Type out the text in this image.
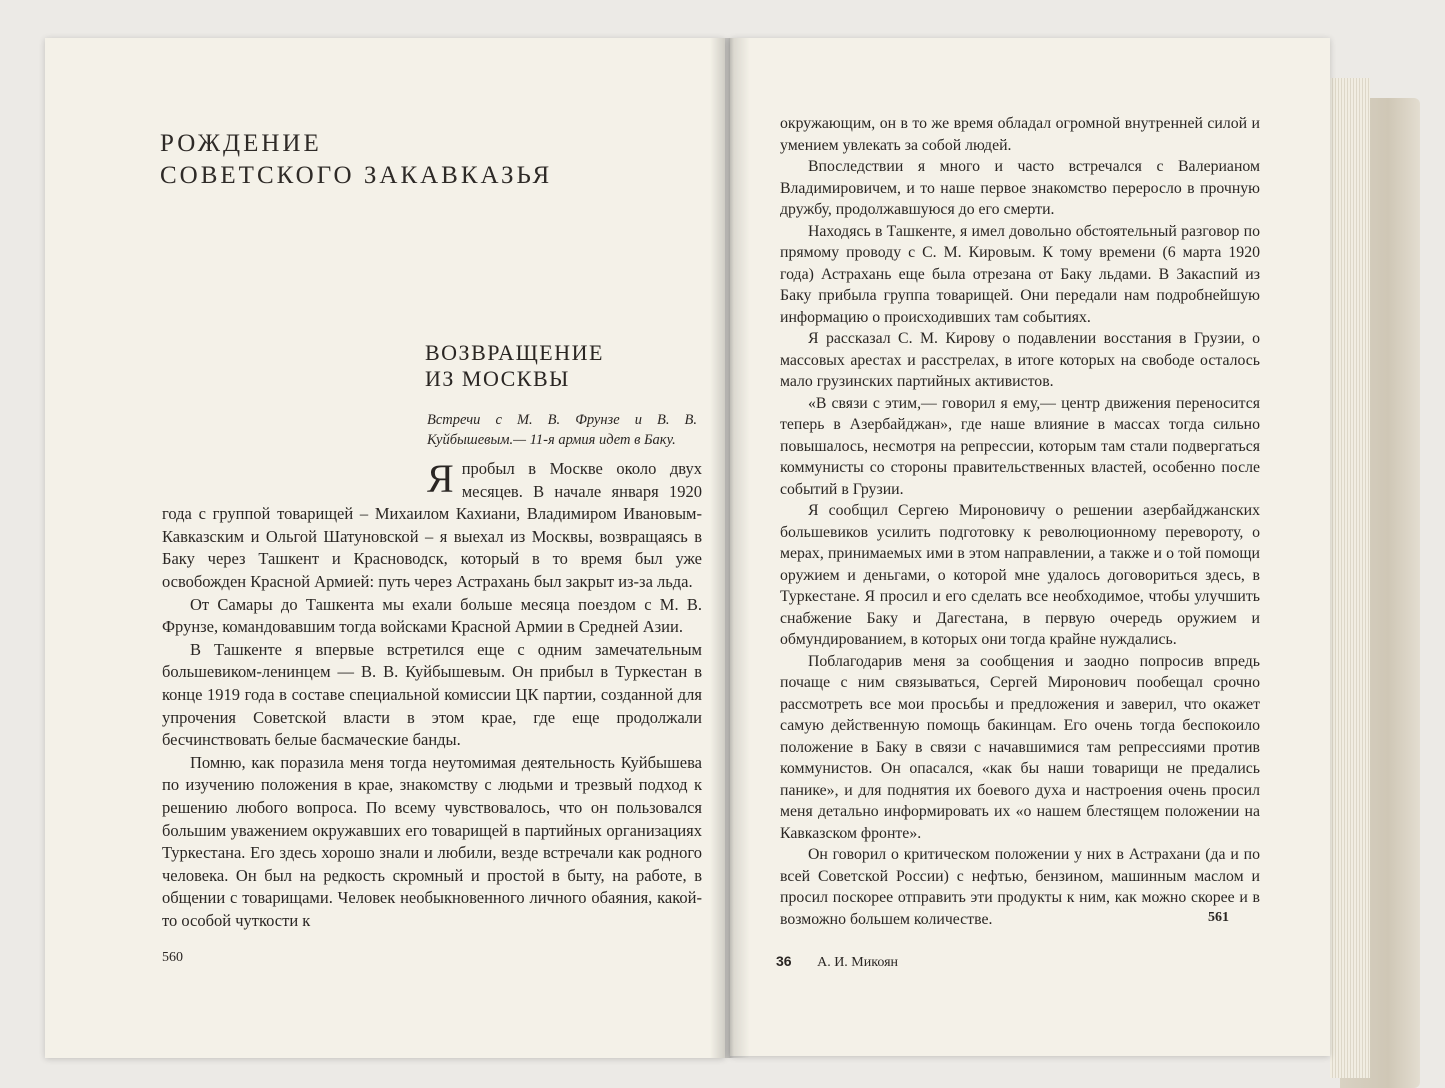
РОЖДЕНИЕ
СОВЕТСКОГО ЗАКАВКАЗЬЯ
ВОЗВРАЩЕНИЕ
ИЗ МОСКВЫ
Встречи с М. В. Фрунзе и В. В. Куйбышевым.— 11-я армия идет в Баку.
Я пробыл в Москве около двух месяцев. В начале января 1920 года с группой товарищей – Михаилом Кахиани, Владимиром Ивановым-Кавказским и Ольгой Шатуновской – я выехал из Москвы, возвращаясь в Баку через Ташкент и Красноводск, который в то время был уже освобожден Красной Армией: путь через Астрахань был закрыт из-за льда.

От Самары до Ташкента мы ехали больше месяца поездом с М. В. Фрунзе, командовавшим тогда войсками Красной Армии в Средней Азии.

В Ташкенте я впервые встретился еще с одним замечательным большевиком-ленинцем — В. В. Куйбышевым. Он прибыл в Туркестан в конце 1919 года в составе специальной комиссии ЦК партии, созданной для упрочения Советской власти в этом крае, где еще продолжали бесчинствовать белые басмаческие банды.

Помню, как поразила меня тогда неутомимая деятельность Куйбышева по изучению положения в крае, знакомству с людьми и трезвый подход к решению любого вопроса. По всему чувствовалось, что он пользовался большим уважением окружавших его товарищей в партийных организациях Туркестана. Его здесь хорошо знали и любили, везде встречали как родного человека. Он был на редкость скромный и простой в быту, на работе, в общении с товарищами. Человек необыкновенного личного обаяния, какой-то особой чуткости к

560

окружающим, он в то же время обладал огромной внутренней силой и умением увлекать за собой людей.

Впоследствии я много и часто встречался с Валерианом Владимировичем, и то наше первое знакомство переросло в прочную дружбу, продолжавшуюся до его смерти.

Находясь в Ташкенте, я имел довольно обстоятельный разговор по прямому проводу с С. М. Кировым. К тому времени (6 марта 1920 года) Астрахань еще была отрезана от Баку льдами. В Закаспий из Баку прибыла группа товарищей. Они передали нам подробнейшую информацию о происходивших там событиях.

Я рассказал С. М. Кирову о подавлении восстания в Грузии, о массовых арестах и расстрелах, в итоге которых на свободе осталось мало грузинских партийных активистов.

«В связи с этим,— говорил я ему,— центр движения переносится теперь в Азербайджан», где наше влияние в массах тогда сильно повышалось, несмотря на репрессии, которым там стали подвергаться коммунисты со стороны правительственных властей, особенно после событий в Грузии.

Я сообщил Сергею Мироновичу о решении азербайджанских большевиков усилить подготовку к революционному перевороту, о мерах, принимаемых ими в этом направлении, а также и о той помощи оружием и деньгами, о которой мне удалось договориться здесь, в Туркестане. Я просил и его сделать все необходимое, чтобы улучшить снабжение Баку и Дагестана, в первую очередь оружием и обмундированием, в которых они тогда крайне нуждались.

Поблагодарив меня за сообщения и заодно попросив впредь почаще с ним связываться, Сергей Миронович пообещал срочно рассмотреть все мои просьбы и предложения и заверил, что окажет самую действенную помощь бакинцам. Его очень тогда беспокоило положение в Баку в связи с начавшимися там репрессиями против коммунистов. Он опасался, «как бы наши товарищи не предались панике», и для поднятия их боевого духа и настроения очень просил меня детально информировать их «о нашем блестящем положении на Кавказском фронте».

Он говорил о критическом положении у них в Астрахани (да и по всей Советской России) с нефтью, бензином, машинным маслом и просил поскорее отправить эти продукты к ним, как можно скорее и в возможно большем количестве.	561
36 А. И. Микоян
